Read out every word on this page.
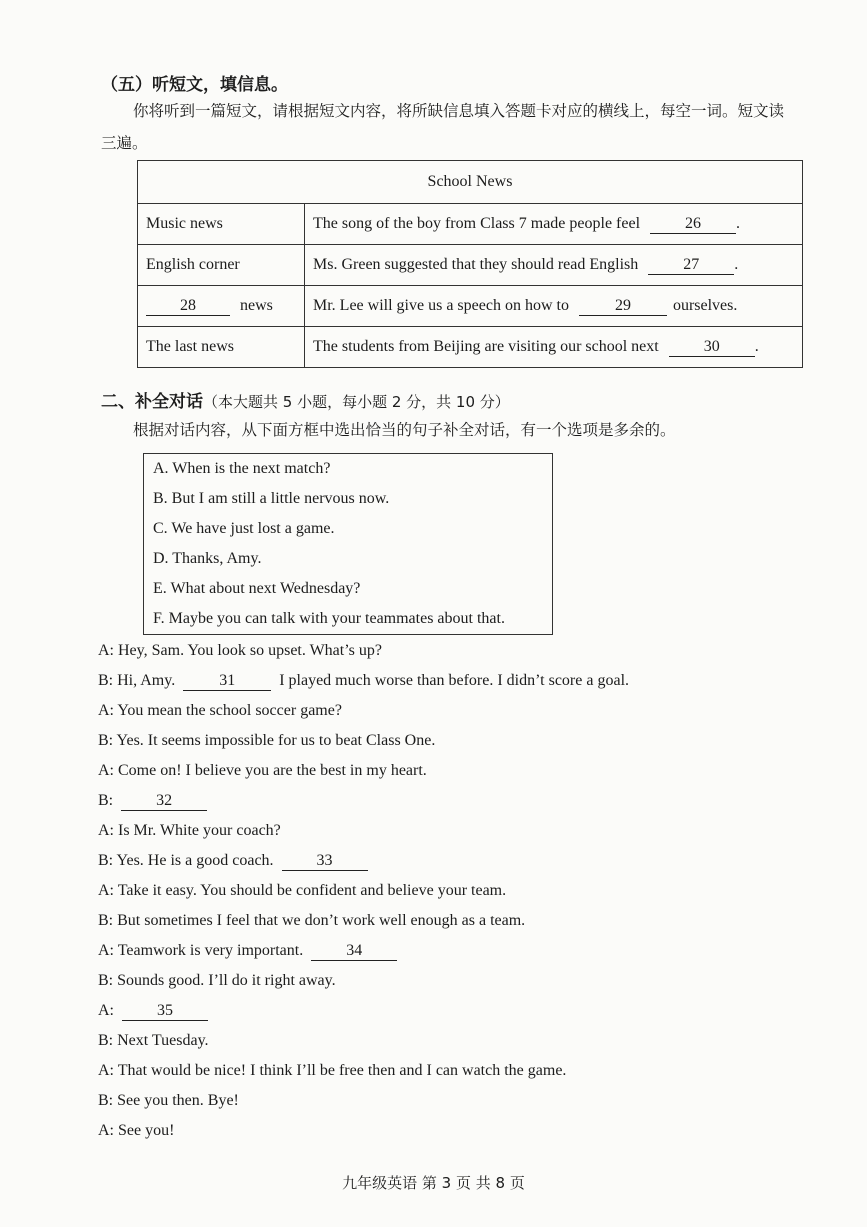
（五）听短文，填信息。
你将听到一篇短文，请根据短文内容，将所缺信息填入答题卡对应的横线上，每空一词。短文读
三遍。
School News	
Music news	The song of the boy from Class 7 made people feel 26 .
English corner	Ms. Green suggested that they should read English 27 .
28 news	Mr. Lee will give us a speech on how to 29 ourselves.
The last news	The students from Beijing are visiting our school next 30 .
二、补全对话（本大题共 5 小题，每小题 2 分，共 10 分）
根据对话内容，从下面方框中选出恰当的句子补全对话，有一个选项是多余的。
A. When is the next match?
B. But I am still a little nervous now.
C. We have just lost a game.
D. Thanks, Amy.
E. What about next Wednesday?
F. Maybe you can talk with your teammates about that.
A: Hey, Sam. You look so upset. What’s up?
B: Hi, Amy.	31	I played much worse than before. I didn’t score a goal.
A: You mean the school soccer game?
B: Yes. It seems impossible for us to beat Class One.
A: Come on! I believe you are the best in my heart.
B:	32
A: Is Mr. White your coach?
B: Yes. He is a good coach.	33
A: Take it easy. You should be confident and believe your team.
B: But sometimes I feel that we don’t work well enough as a team.
A: Teamwork is very important.	34
B: Sounds good. I’ll do it right away.
A:	35
B: Next Tuesday.
A: That would be nice! I think I’ll be free then and I can watch the game.
B: See you then. Bye!
A: See you!
九年级英语 第 3 页 共 8 页
